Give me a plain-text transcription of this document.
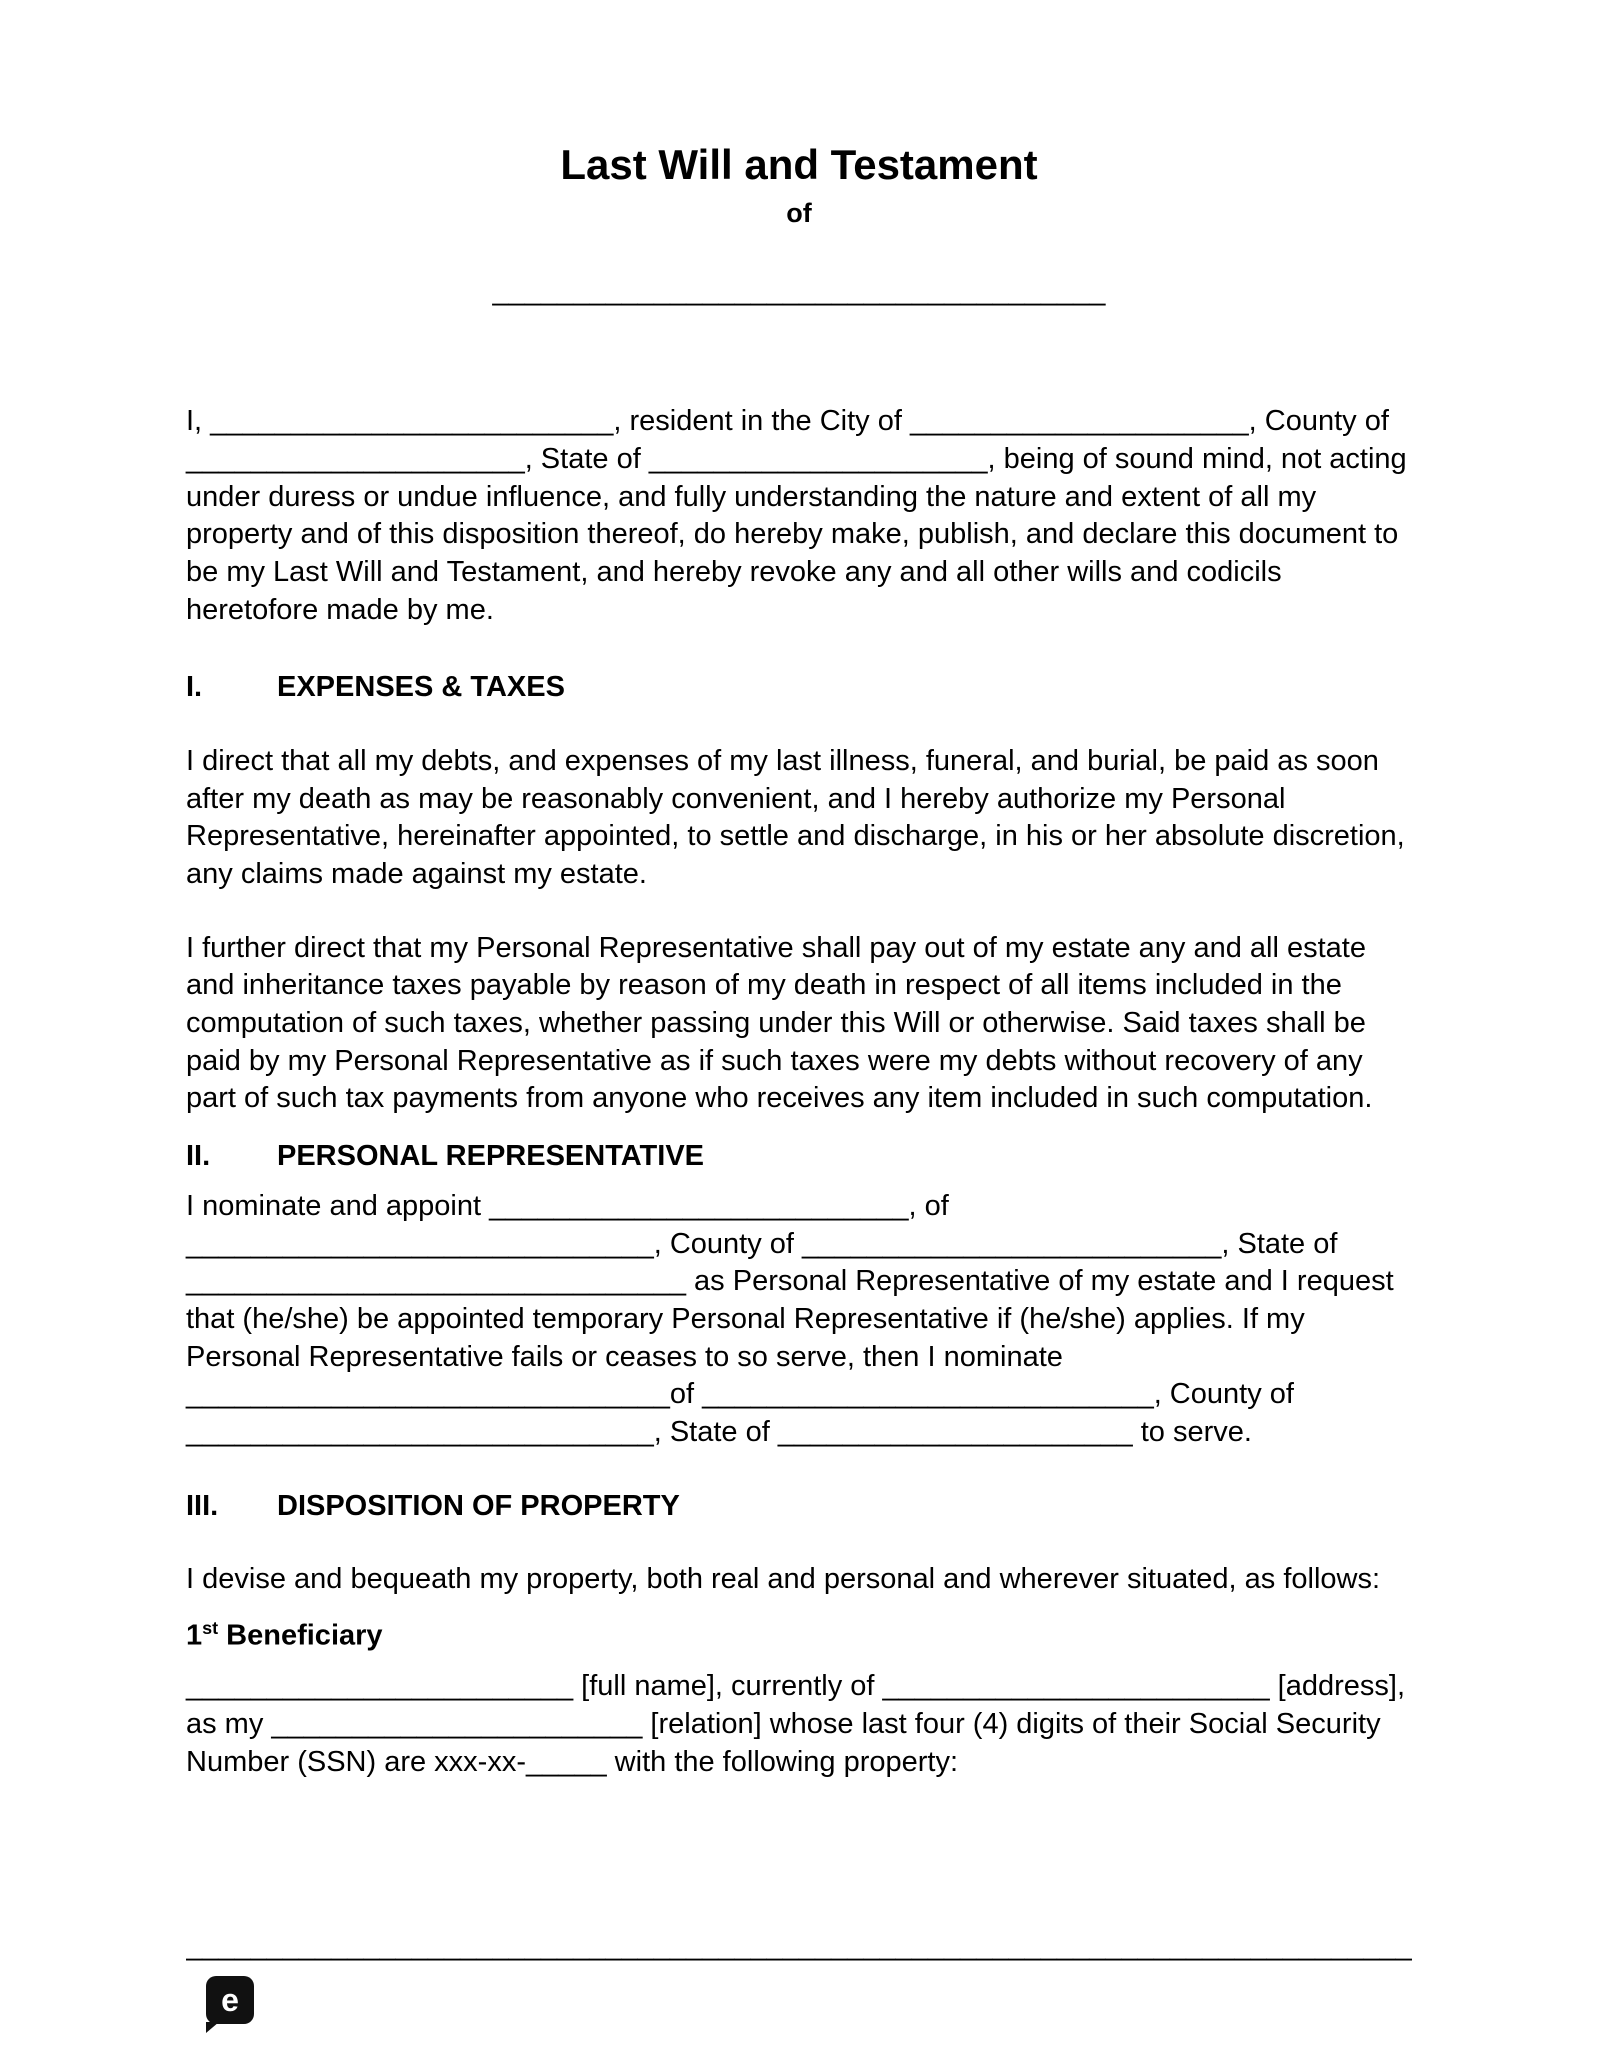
Last Will and Testament
of
______________________________________

I, _________________________, resident in the City of _____________________, County of _____________________, State of _____________________, being of sound mind, not acting under duress or undue influence, and fully understanding the nature and extent of all my property and of this disposition thereof, do hereby make, publish, and declare this document to be my Last Will and Testament, and hereby revoke any and all other wills and codicils heretofore made by me.

I.	EXPENSES & TAXES

I direct that all my debts, and expenses of my last illness, funeral, and burial, be paid as soon after my death as may be reasonably convenient, and I hereby authorize my Personal Representative, hereinafter appointed, to settle and discharge, in his or her absolute discretion, any claims made against my estate.

I further direct that my Personal Representative shall pay out of my estate any and all estate and inheritance taxes payable by reason of my death in respect of all items included in the computation of such taxes, whether passing under this Will or otherwise. Said taxes shall be paid by my Personal Representative as if such taxes were my debts without recovery of any part of such tax payments from anyone who receives any item included in such computation.

II.	PERSONAL REPRESENTATIVE

I nominate and appoint __________________________, of _____________________________, County of __________________________, State of _______________________________ as Personal Representative of my estate and I request that (he/she) be appointed temporary Personal Representative if (he/she) applies. If my Personal Representative fails or ceases to so serve, then I nominate ______________________________of ____________________________, County of _____________________________, State of ______________________ to serve.

III.	DISPOSITION OF PROPERTY

I devise and bequeath my property, both real and personal and wherever situated, as follows:

1st Beneficiary

________________________ [full name], currently of ________________________ [address], as my _______________________ [relation] whose last four (4) digits of their Social Security Number (SSN) are xxx-xx-_____ with the following property:

____________________________________________________________________________
e
